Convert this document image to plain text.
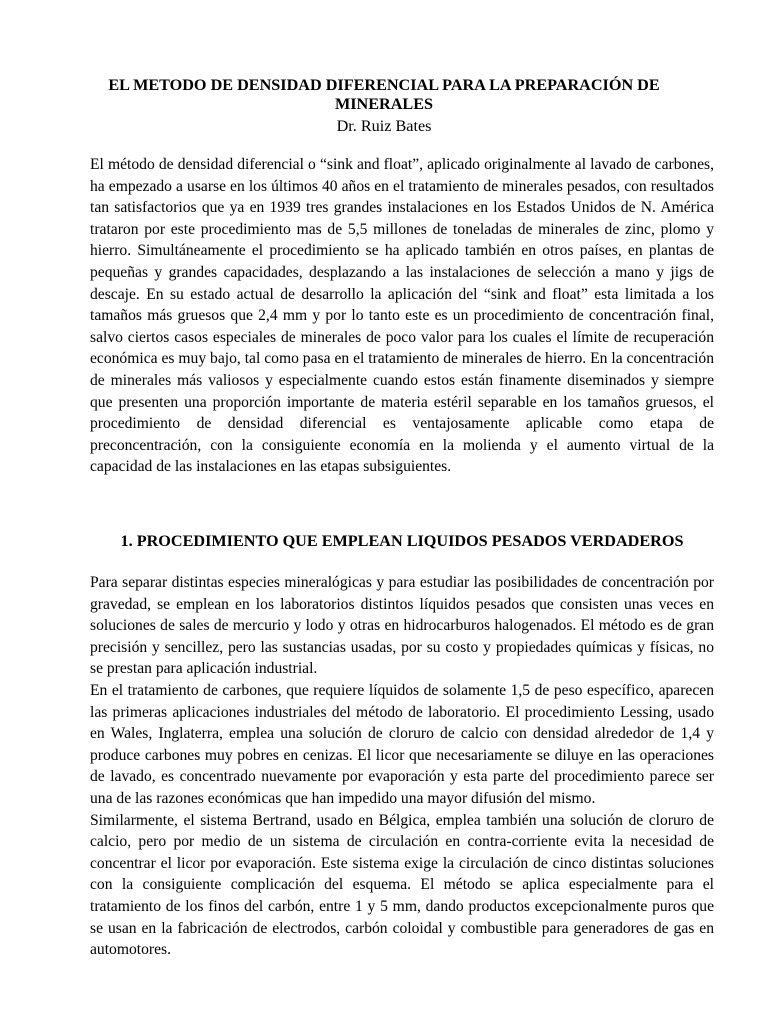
EL METODO DE DENSIDAD DIFERENCIAL PARA LA PREPARACIÓN DE MINERALES
Dr. Ruiz Bates

El método de densidad diferencial o “sink and float”, aplicado originalmente al lavado de carbones, ha empezado a usarse en los últimos 40 años en el tratamiento de minerales pesados, con resultados tan satisfactorios que ya en 1939 tres grandes instalaciones en los Estados Unidos de N. América trataron por este procedimiento mas de 5,5 millones de toneladas de minerales de zinc, plomo y hierro. Simultáneamente el procedimiento se ha aplicado también en otros países, en plantas de pequeñas y grandes capacidades, desplazando a las instalaciones de selección a mano y jigs de descaje. En su estado actual de desarrollo la aplicación del “sink and float” esta limitada a los tamaños más gruesos que 2,4 mm y por lo tanto este es un procedimiento de concentración final, salvo ciertos casos especiales de minerales de poco valor para los cuales el límite de recuperación económica es muy bajo, tal como pasa en el tratamiento de minerales de hierro. En la concentración de minerales más valiosos y especialmente cuando estos están finamente diseminados y siempre que presenten una proporción importante de materia estéril separable en los tamaños gruesos, el procedimiento de densidad diferencial es ventajosamente aplicable como etapa de preconcentración, con la consiguiente economía en la molienda y el aumento virtual de la capacidad de las instalaciones en las etapas subsiguientes.

1. PROCEDIMIENTO QUE EMPLEAN LIQUIDOS PESADOS VERDADEROS

Para separar distintas especies mineralógicas y para estudiar las posibilidades de concentración por gravedad, se emplean en los laboratorios distintos líquidos pesados que consisten unas veces en soluciones de sales de mercurio y lodo y otras en hidrocarburos halogenados. El método es de gran precisión y sencillez, pero las sustancias usadas, por su costo y propiedades químicas y físicas, no se prestan para aplicación industrial.

En el tratamiento de carbones, que requiere líquidos de solamente 1,5 de peso específico, aparecen las primeras aplicaciones industriales del método de laboratorio. El procedimiento Lessing, usado en Wales, Inglaterra, emplea una solución de cloruro de calcio con densidad alrededor de 1,4 y produce carbones muy pobres en cenizas. El licor que necesariamente se diluye en las operaciones de lavado, es concentrado nuevamente por evaporación y esta parte del procedimiento parece ser una de las razones económicas que han impedido una mayor difusión del mismo.

Similarmente, el sistema Bertrand, usado en Bélgica, emplea también una solución de cloruro de calcio, pero por medio de un sistema de circulación en contra-corriente evita la necesidad de concentrar el licor por evaporación. Este sistema exige la circulación de cinco distintas soluciones con la consiguiente complicación del esquema. El método se aplica especialmente para el tratamiento de los finos del carbón, entre 1 y 5 mm, dando productos excepcionalmente puros que se usan en la fabricación de electrodos, carbón coloidal y combustible para generadores de gas en automotores.
